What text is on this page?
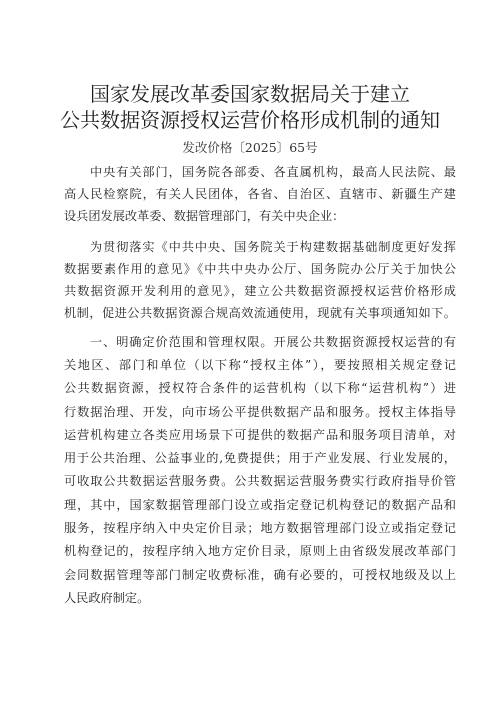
国家发展改革委国家数据局关于建立
公共数据资源授权运营价格形成机制的通知
发改价格〔2025〕65号
中央有关部门，国务院各部委、各直属机构，最高人民法院、最
高人民检察院，有关人民团体，各省、自治区、直辖市、新疆生产建
设兵团发展改革委、数据管理部门，有关中央企业：
为贯彻落实《中共中央、国务院关于构建数据基础制度更好发挥
数据要素作用的意见》《中共中央办公厅、国务院办公厅关于加快公
共数据资源开发利用的意见》，建立公共数据资源授权运营价格形成
机制，促进公共数据资源合规高效流通使用，现就有关事项通知如下。
一、明确定价范围和管理权限。开展公共数据资源授权运营的有
关地区、部门和单位（以下称“授权主体”），要按照相关规定登记
公共数据资源，授权符合条件的运营机构（以下称“运营机构”）进
行数据治理、开发，向市场公平提供数据产品和服务。授权主体指导
运营机构建立各类应用场景下可提供的数据产品和服务项目清单，对
用于公共治理、公益事业的,免费提供；用于产业发展、行业发展的，
可收取公共数据运营服务费。公共数据运营服务费实行政府指导价管
理，其中，国家数据管理部门设立或指定登记机构登记的数据产品和
服务，按程序纳入中央定价目录；地方数据管理部门设立或指定登记
机构登记的，按程序纳入地方定价目录，原则上由省级发展改革部门
会同数据管理等部门制定收费标准，确有必要的，可授权地级及以上
人民政府制定。
